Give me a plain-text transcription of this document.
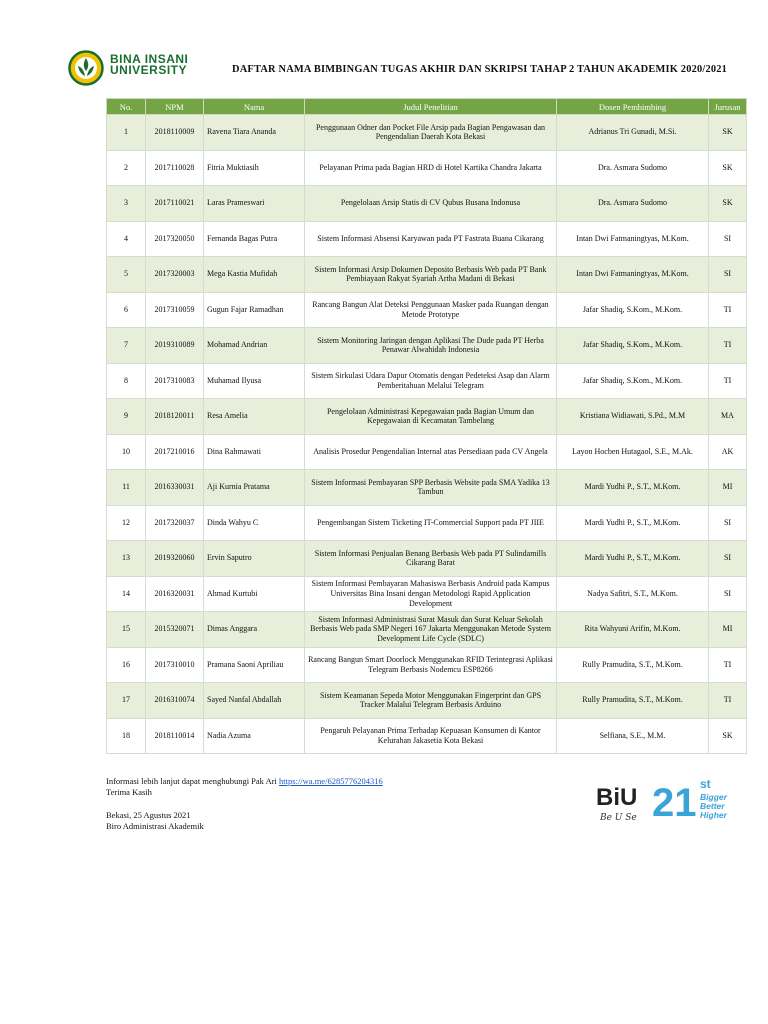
BINA INSANI
UNIVERSITY	DAFTAR NAMA BIMBINGAN TUGAS AKHIR DAN SKRIPSI TAHAP 2 TAHUN AKADEMIK 2020/2021
No.	NPM	Nama	Judul Penelitian	Dosen Pembimbing	Jurusan
1	2018110009	Ravena Tiara Ananda	Penggunaan Odner dan Pocket File Arsip pada Bagian Pengawasan dan Pengendalian Daerah Kota Bekasi	Adrianus Tri Gunadi, M.Si.	SK
2	2017110028	Fitria Muktiasih	Pelayanan Prima pada Bagian HRD di Hotel Kartika Chandra Jakarta	Dra. Asmara Sudomo	SK
3	2017110021	Laras Prameswari	Pengelolaan Arsip Statis di CV Qubus Busana Indonusa	Dra. Asmara Sudomo	SK
4	2017320050	Fernanda Bagas Putra	Sistem Informasi Absensi Karyawan pada PT Fastrata Buana Cikarang	Intan Dwi Fatmaningtyas, M.Kom.	SI
5	2017320003	Mega Kastia Mufidah	Sistem Informasi Arsip Dokumen Deposito Berbasis Web pada PT Bank Pembiayaan Rakyat Syariah Artha Madani di Bekasi	Intan Dwi Fatmaningtyas, M.Kom.	SI
6	2017310059	Gugun Fajar Ramadhan	Rancang Bangun Alat Deteksi Penggunaan Masker pada Ruangan dengan Metode Prototype	Jafar Shadiq, S.Kom., M.Kom.	TI
7	2019310089	Mohamad Andrian	Sistem Monitoring Jaringan dengan Aplikasi The Dude pada PT Herba Penawar Alwahidah Indonesia	Jafar Shadiq, S.Kom., M.Kom.	TI
8	2017310083	Muhamad Ilyusa	Sistem Sirkulasi Udara Dapur Otomatis dengan Pedeteksi Asap dan Alarm Pemberitahuan Melalui Telegram	Jafar Shadiq, S.Kom., M.Kom.	TI
9	2018120011	Resa Amelia	Pengelolaan Administrasi Kepegawaian pada Bagian Umum dan Kepegawaian di Kecamatan Tambelang	Kristiana Widiawati, S.Pd., M.M	MA
10	2017210016	Dina Rahmawati	Analisis Prosedur Pengendalian Internal atas Persediaan pada CV Angela	Layon Hocben Hutagaol, S.E., M.Ak.	AK
11	2016330031	Aji Kurnia Pratama	Sistem Informasi Pembayaran SPP Berbasis Website pada SMA Yadika 13 Tambun	Mardi Yudhi P., S.T., M.Kom.	MI
12	2017320037	Dinda Wahyu C	Pengembangan Sistem Ticketing IT-Commercial Support pada PT JIIE	Mardi Yudhi P., S.T., M.Kom.	SI
13	2019320060	Ervin Saputro	Sistem Informasi Penjualan Benang Berbasis Web pada PT Sulindamills Cikarang Barat	Mardi Yudhi P., S.T., M.Kom.	SI
14	2016320031	Ahmad Kurtubi	Sistem Informasi Pembayaran Mahasiswa Berbasis Android pada Kampus Universitas Bina Insani dengan Metodologi Rapid Application Development	Nadya Safitri, S.T., M.Kom.	SI
15	2015320071	Dimas Anggara	Sistem Informasi Administrasi Surat Masuk dan Surat Keluar Sekolah Berbasis Web pada SMP Negeri 167 Jakarta Menggunakan Metode System Development Life Cycle (SDLC)	Rita Wahyuni Arifin, M.Kom.	MI
16	2017310010	Pramana Saoni Apriliau	Rancang Bangun Smart Doorlock Menggunakan RFID Terintegrasi Aplikasi Telegram Berbasis Nodemcu ESP8266	Rully Pramudita, S.T., M.Kom.	TI
17	2016310074	Sayed Nanfal Abdallah	Sistem Keamanan Sepeda Motor Menggunakan Fingerprint dan GPS Tracker Malalui Telegram Berbasis Arduino	Rully Pramudita, S.T., M.Kom.	TI
18	2018110014	Nadia Azuma	Pengaruh Pelayanan Prima Terhadap Kepuasan Konsumen di Kantor Kelurahan Jakasetia Kota Bekasi	Selfiana, S.E., M.M.	SK
Informasi lebih lanjut dapat menghubungi Pak Ari https://wa.me/6285776204316
Terima Kasih
Bekasi, 25 Agustus 2021
Biro Administrasi Akademik
BiU
Be U Se 21 st
Bigger
Better
Higher
